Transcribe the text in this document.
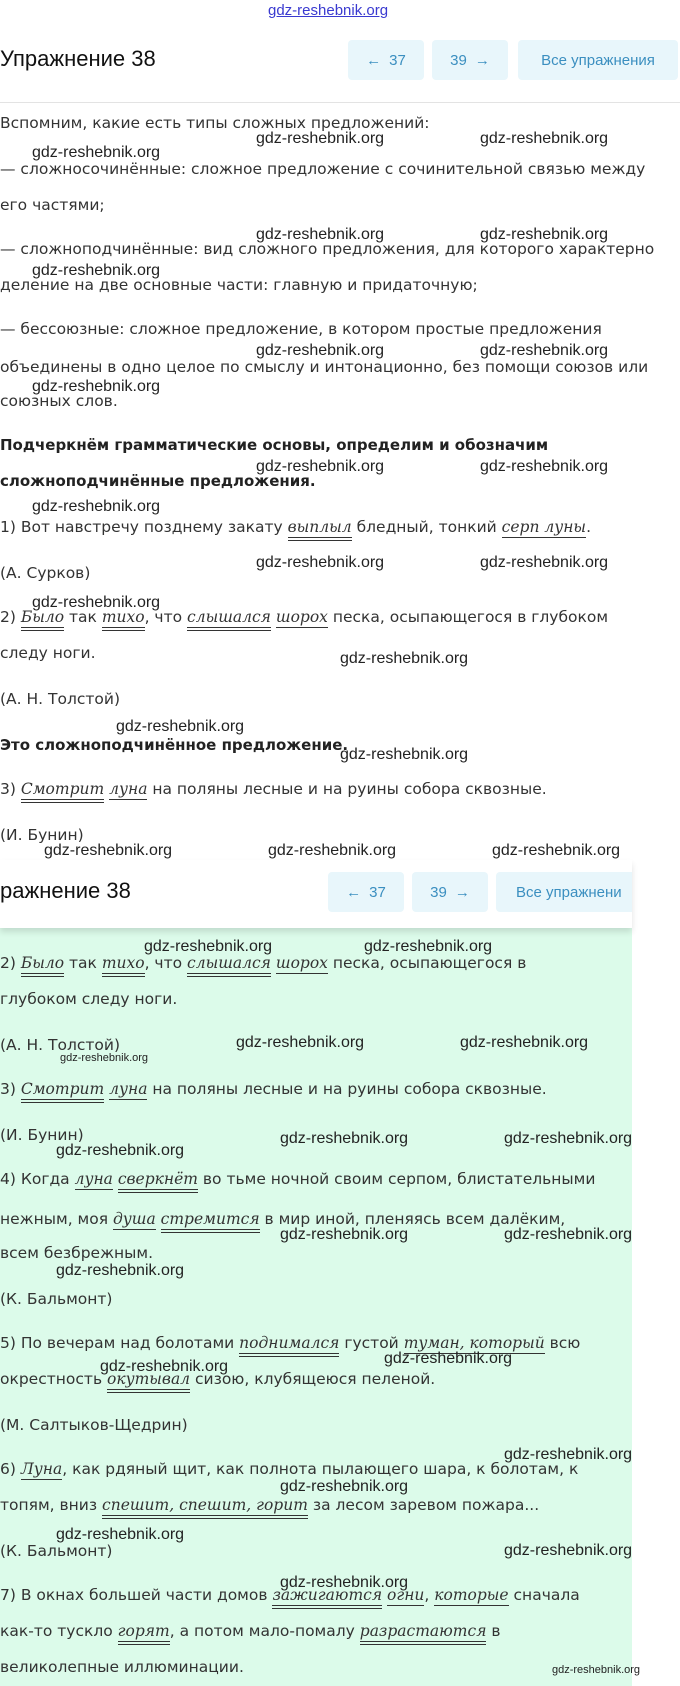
gdz-reshebnik.org
Упражнение 38	← 37	39 →	Все упражнения
Вспомним, какие есть типы сложных предложений:
— сложносочинённые: сложное предложение с сочинительной связью между
его частями;
— сложноподчинённые: вид сложного предложения, для которого характерно
деление на две основные части: главную и придаточную;
— бессоюзные: сложное предложение, в котором простые предложения
объединены в одно целое по смыслу и интонационно, без помощи союзов или
союзных слов.
Подчеркнём грамматические основы, определим и обозначим
сложноподчинённые предложения.
1) Вот навстречу позднему закату выплыл бледный, тонкий серп луны.
(А. Сурков)
2) Было так тихо, что слышался шорох песка, осыпающегося в глубоком
следу ноги.
(А. Н. Толстой)
Это сложноподчинённое предложение.
3) Смотрит луна на поляны лесные и на руины собора сквозные.
(И. Бунин)
ражнение 38	← 37	39 →	Все упражнени
2) Было так тихо, что слышался шорох песка, осыпающегося в
глубоком следу ноги.
(А. Н. Толстой)
3) Смотрит луна на поляны лесные и на руины собора сквозные.
(И. Бунин)
4) Когда луна сверкнёт во тьме ночной своим серпом, блистательными
нежным, моя душа стремится в мир иной, пленяясь всем далёким,
всем безбрежным.
(К. Бальмонт)
5) По вечерам над болотами поднимался густой туман, который всю
окрестность окутывал сизою, клубящеюся пеленой.
(М. Салтыков-Щедрин)
6) Луна, как рдяный щит, как полнота пылающего шара, к болотам, к
топям, вниз спешит, спешит, горит за лесом заревом пожара...
(К. Бальмонт)
7) В окнах большей части домов зажигаются огни, которые сначала
как-то тускло горят, а потом мало-помалу разрастаются в
великолепные иллюминации.
gdz-reshebnik.org
gdz-reshebnik.org	gdz-reshebnik.org
gdz-reshebnik.org	gdz-reshebnik.org
gdz-reshebnik.org
gdz-reshebnik.org	gdz-reshebnik.org
gdz-reshebnik.org
gdz-reshebnik.org	gdz-reshebnik.org
gdz-reshebnik.org
gdz-reshebnik.org	gdz-reshebnik.org
gdz-reshebnik.org
gdz-reshebnik.org
gdz-reshebnik.org
gdz-reshebnik.org
gdz-reshebnik.org	gdz-reshebnik.org	gdz-reshebnik.org
gdz-reshebnik.org	gdz-reshebnik.org
gdz-reshebnik.org	gdz-reshebnik.org
gdz-reshebnik.org
gdz-reshebnik.org
gdz-reshebnik.org	gdz-reshebnik.org
gdz-reshebnik.org	gdz-reshebnik.org
gdz-reshebnik.org
gdz-reshebnik.org	gdz-reshebnik.org
gdz-reshebnik.org
gdz-reshebnik.org
gdz-reshebnik.org
gdz-reshebnik.org
gdz-reshebnik.org
gdz-reshebnik.org
